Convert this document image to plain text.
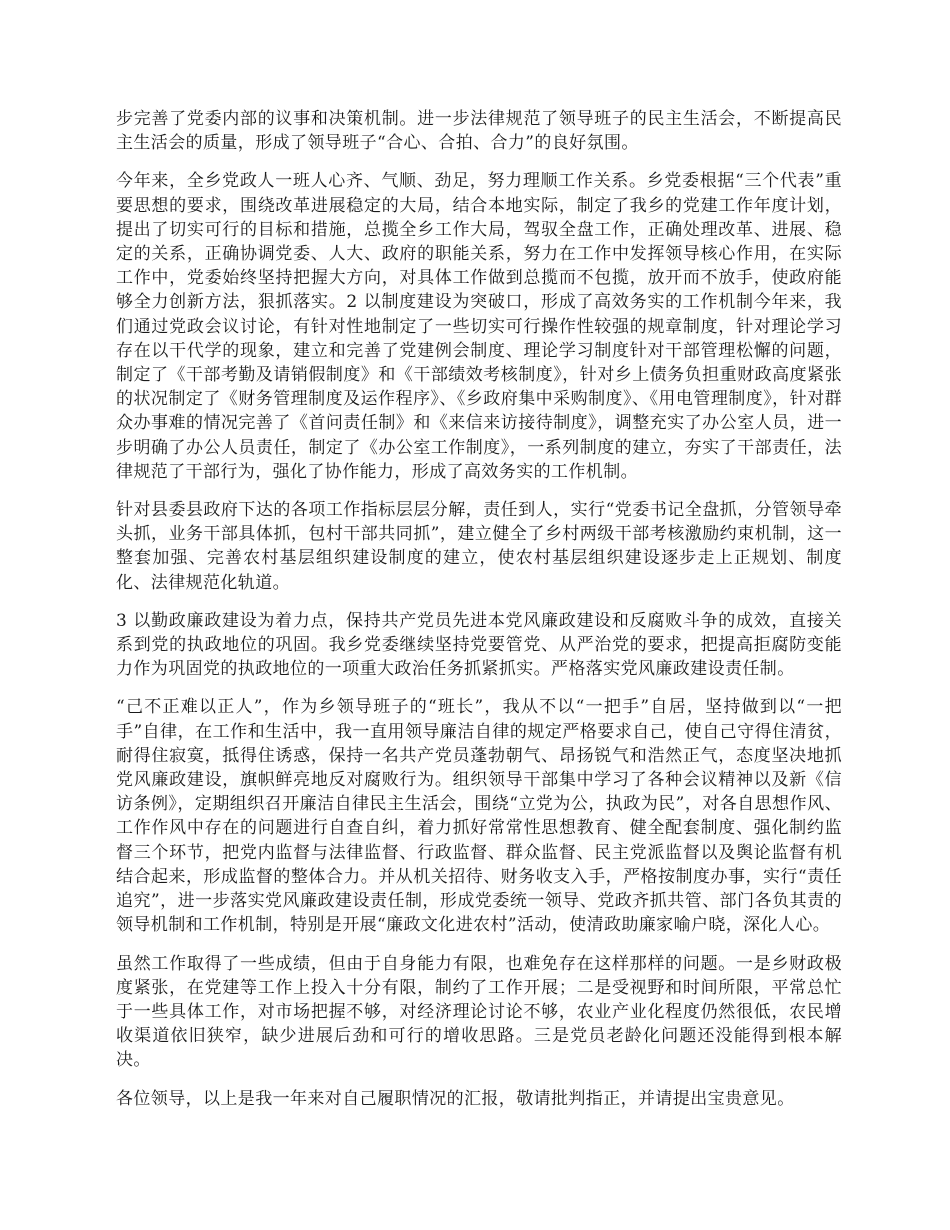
步完善了党委内部的议事和决策机制。进一步法律规范了领导班子的民主生活会，不断提高民主生活会的质量，形成了领导班子“合心、合拍、合力”的良好氛围。

今年来，全乡党政人一班人心齐、气顺、劲足，努力理顺工作关系。乡党委根据“三个代表”重要思想的要求，围绕改革进展稳定的大局，结合本地实际，制定了我乡的党建工作年度计划，提出了切实可行的目标和措施，总揽全乡工作大局，驾驭全盘工作，正确处理改革、进展、稳定的关系，正确协调党委、人大、政府的职能关系，努力在工作中发挥领导核心作用，在实际工作中，党委始终坚持把握大方向，对具体工作做到总揽而不包揽，放开而不放手，使政府能够全力创新方法，狠抓落实。2 以制度建设为突破口，形成了高效务实的工作机制今年来，我们通过党政会议讨论，有针对性地制定了一些切实可行操作性较强的规章制度，针对理论学习存在以干代学的现象，建立和完善了党建例会制度、理论学习制度针对干部管理松懈的问题，制定了《干部考勤及请销假制度》和《干部绩效考核制度》，针对乡上债务负担重财政高度紧张的状况制定了《财务管理制度及运作程序》、《乡政府集中采购制度》、《用电管理制度》，针对群众办事难的情况完善了《首问责任制》和《来信来访接待制度》，调整充实了办公室人员，进一步明确了办公人员责任，制定了《办公室工作制度》，一系列制度的建立，夯实了干部责任，法律规范了干部行为，强化了协作能力，形成了高效务实的工作机制。

针对县委县政府下达的各项工作指标层层分解，责任到人，实行“党委书记全盘抓，分管领导牵头抓，业务干部具体抓，包村干部共同抓”，建立健全了乡村两级干部考核激励约束机制，这一整套加强、完善农村基层组织建设制度的建立，使农村基层组织建设逐步走上正规划、制度化、法律规范化轨道。

3 以勤政廉政建设为着力点，保持共产党员先进本党风廉政建设和反腐败斗争的成效，直接关系到党的执政地位的巩固。我乡党委继续坚持党要管党、从严治党的要求，把提高拒腐防变能力作为巩固党的执政地位的一项重大政治任务抓紧抓实。严格落实党风廉政建设责任制。

“己不正难以正人”，作为乡领导班子的“班长”，我从不以“一把手”自居，坚持做到以“一把手”自律，在工作和生活中，我一直用领导廉洁自律的规定严格要求自己，使自己守得住清贫，耐得住寂寞，抵得住诱惑，保持一名共产党员蓬勃朝气、昂扬锐气和浩然正气，态度坚决地抓党风廉政建设，旗帜鲜亮地反对腐败行为。组织领导干部集中学习了各种会议精神以及新《信访条例》，定期组织召开廉洁自律民主生活会，围绕“立党为公，执政为民”，对各自思想作风、工作作风中存在的问题进行自查自纠，着力抓好常常性思想教育、健全配套制度、强化制约监督三个环节，把党内监督与法律监督、行政监督、群众监督、民主党派监督以及舆论监督有机结合起来，形成监督的整体合力。并从机关招待、财务收支入手，严格按制度办事，实行“责任追究”，进一步落实党风廉政建设责任制，形成党委统一领导、党政齐抓共管、部门各负其责的领导机制和工作机制，特别是开展“廉政文化进农村”活动，使清政助廉家喻户晓，深化人心。

虽然工作取得了一些成绩，但由于自身能力有限，也难免存在这样那样的问题。一是乡财政极度紧张，在党建等工作上投入十分有限，制约了工作开展；二是受视野和时间所限，平常总忙于一些具体工作，对市场把握不够，对经济理论讨论不够，农业产业化程度仍然很低，农民增收渠道依旧狭窄，缺少进展后劲和可行的增收思路。三是党员老龄化问题还没能得到根本解决。

各位领导，以上是我一年来对自己履职情况的汇报，敬请批判指正，并请提出宝贵意见。
